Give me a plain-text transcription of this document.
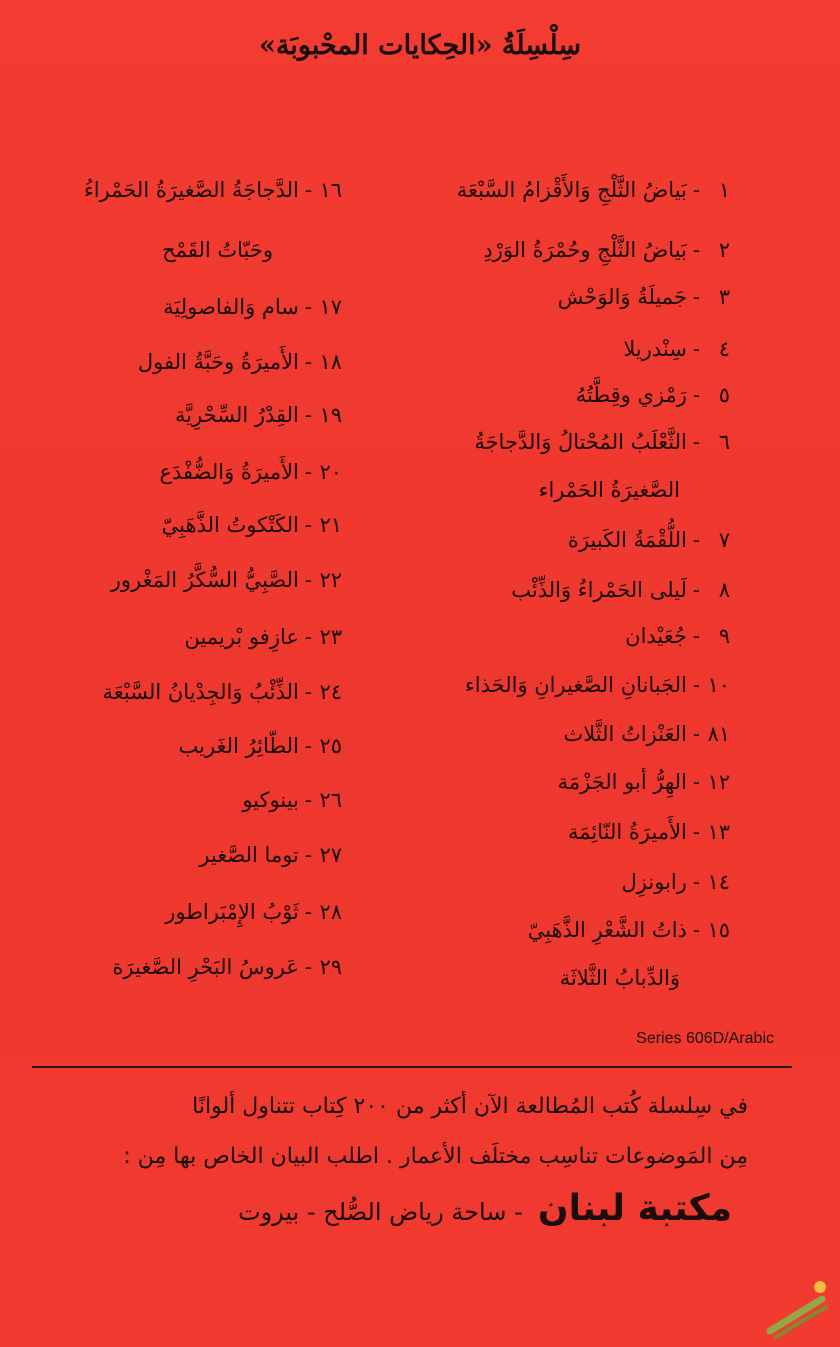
سِلْسِلَةُ «الحِكايات المحْبوبَة»
١-بَياضُ الثَّلْجِ وَالأَقْزامُ السَّبْعَة
٢-بَياضُ الثَّلْجِ وحُمْرَةُ الوَرْدِ
٣-جَميلَةُ وَالوَحْش
٤-سِنْدريلا
٥-رَمْزي وقِطَّتُهُ
٦-الثَّعْلَبُ المُحْتالُ وَالدَّجاجَةُ
٧-اللُّقْمَةُ الكَبيرَة
٨-لَيلى الحَمْراءُ وَالذِّئْب
٩-جُعَيْدان
١٠-الجَبانانِ الصَّغيرانِ وَالحَذاء
٨١-العَنْزاتُ الثَّلاث
١٢-الهِرُّ أبو الجَزْمَة
١٣-الأَميرَةُ النّائِمَة
١٤-رابونزِل
١٥-ذاتُ الشَّعْرِ الذَّهَبِيّ
الصَّغيرَةُ الحَمْراء
وَالدِّبابُ الثَّلاثَة
١٦-الدَّجاجَةُ الصَّغيرَةُ الحَمْراءُ
١٧-سام وَالفاصولِيَة
١٨-الأَميرَةُ وحَبَّةُ الفول
١٩-القِدْرُ السِّحْرِيَّة
٢٠-الأَميرَةُ وَالضُّفْدَع
٢١-الكَتْكوتُ الذَّهَبِيّ
٢٢-الصَّبِيُّ السُّكَّرُ المَغْرور
٢٣-عازِفو بْريمين
٢٤-الذِّئْبُ وَالجِدْيانُ السَّبْعَة
٢٥-الطّائِرُ الغَريب
٢٦-بينوكيو
٢٧-توما الصَّغير
٢٨-ثَوْبُ الإِمْبَراطور
٢٩-عَروسُ البَحْرِ الصَّغيرَة
وحَبّاتُ القَمْح
Series 606D/Arabic
في سِلسلة كُتب المُطالعة الآن أكثر من ٢٠٠ كِتاب تتناول ألوانًا
مِن المَوضوعات تناسِب مختلَف الأعمار . اطلب البيان الخاص بها مِن :
مكتبة لبنان - ساحة رياض الصُّلح - بيروت
